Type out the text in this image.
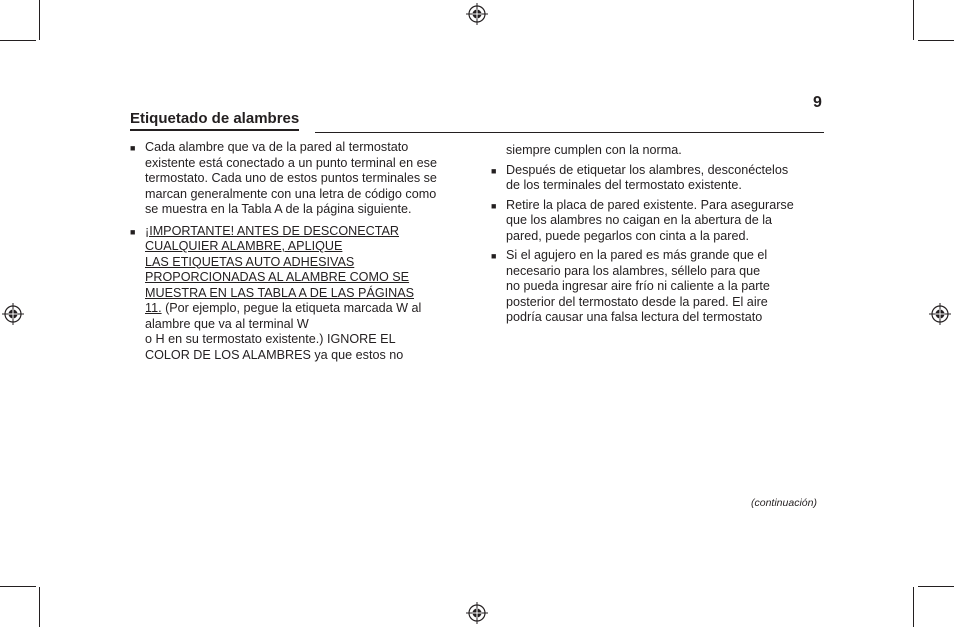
9
Etiquetado de alambres
■ Cada alambre que va de la pared al termostato
existente está conectado a un punto terminal en ese
termostato. Cada uno de estos puntos terminales se
marcan generalmente con una letra de código como
se muestra en la Tabla A de la página siguiente.
■ ¡IMPORTANTE! ANTES DE DESCONECTAR
CUALQUIER ALAMBRE, APLIQUE
LAS ETIQUETAS AUTO ADHESIVAS
PROPORCIONADAS AL ALAMBRE COMO SE
MUESTRA EN LAS TABLA A DE LAS PÁGINAS
11. (Por ejemplo, pegue la etiqueta marcada W al
alambre que va al terminal W
o H en su termostato existente.) IGNORE EL
COLOR DE LOS ALAMBRES ya que estos no
siempre cumplen con la norma.
■ Después de etiquetar los alambres, desconéctelos
de los terminales del termostato existente.
■ Retire la placa de pared existente. Para asegurarse
que los alambres no caigan en la abertura de la
pared, puede pegarlos con cinta a la pared.
■ Si el agujero en la pared es más grande que el
necesario para los alambres, séllelo para que
no pueda ingresar aire frío ni caliente a la parte
posterior del termostato desde la pared. El aire
podría causar una falsa lectura del termostato
(continuación)
